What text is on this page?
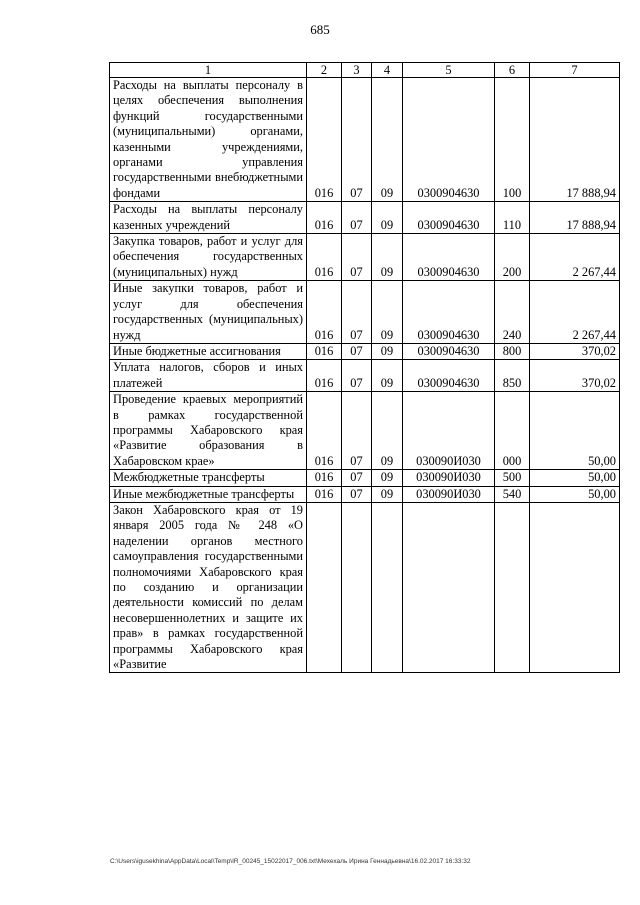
685
1	2	3	4	5	6	7
Расходы на выплаты персоналу в целях обеспечения выполнения функций государственными (муниципальными) органами, казенными учреждениями, органами управления государственными внебюджетными фондами	016	07	09	0300904630	100	17 888,94
Расходы на выплаты персоналу казенных учреждений	016	07	09	0300904630	110	17 888,94
Закупка товаров, работ и услуг для обеспечения государственных (муниципальных) нужд	016	07	09	0300904630	200	2 267,44
Иные закупки товаров, работ и услуг для обеспечения государственных (муниципальных) нужд	016	07	09	0300904630	240	2 267,44
Иные бюджетные ассигнования	016	07	09	0300904630	800	370,02
Уплата налогов, сборов и иных платежей	016	07	09	0300904630	850	370,02
Проведение краевых мероприятий в рамках государственной программы Хабаровского края «Развитие образования в Хабаровском крае»	016	07	09	030090И030	000	50,00
Межбюджетные трансферты	016	07	09	030090И030	500	50,00
Иные межбюджетные трансферты	016	07	09	030090И030	540	50,00
Закон Хабаровского края от 19 января 2005 года № 248 «О наделении органов местного самоуправления государственными полномочиями Хабаровского края по созданию и организации деятельности комиссий по делам несовершеннолетних и защите их прав» в рамках государственной программы Хабаровского края «Развитие						
C:\Users\igusekhina\AppData\Local\Temp\IR_00245_15022017_006.txt\Мехехаль Ирина Геннадьевна\16.02.2017 16:33:32
